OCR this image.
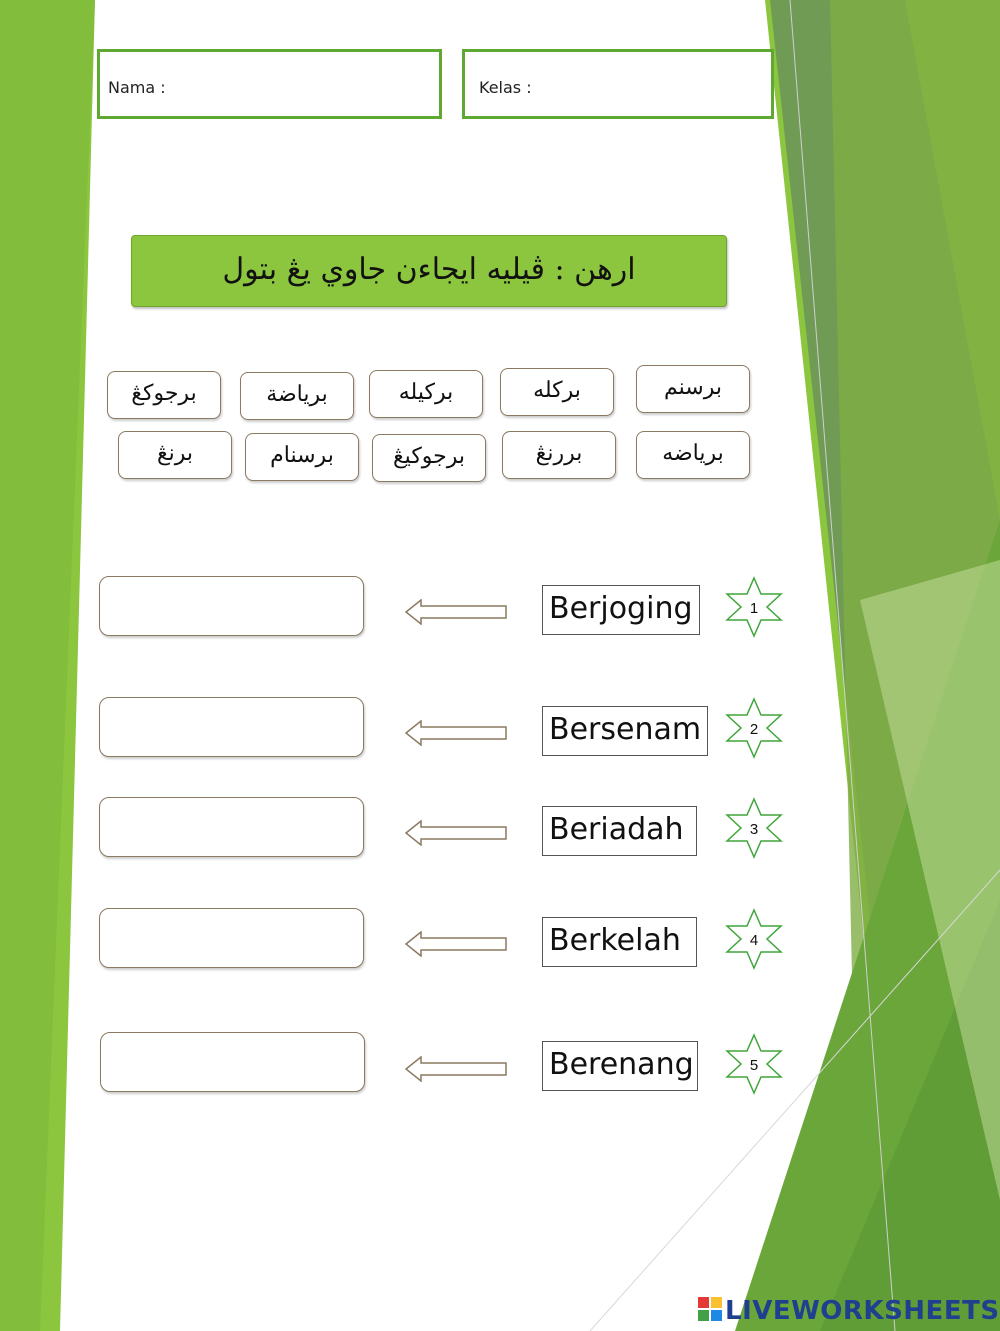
Nama :	Kelas :
ارهن : ڤيليه ايجاءن جاوي يڠ بتول
برسنم
برکله
برکيله
برياضة
برجوکڠ
برياضه
بررنڠ
برجوکيڠ
برسنام
برنڠ
Berjoging	1
Bersenam	2
Beriadah	3
Berkelah	4
Berenang	5
LIVEWORKSHEETS
